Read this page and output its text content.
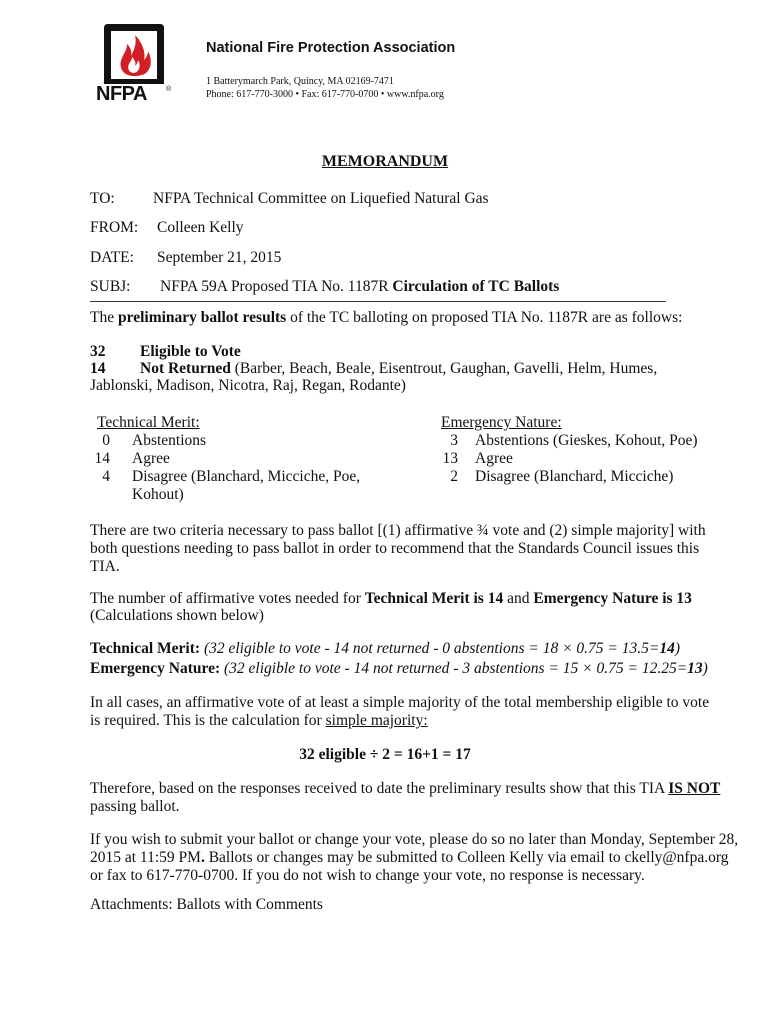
NFPA	®
National Fire Protection Association
1 Batterymarch Park, Quincy, MA 02169-7471
Phone: 617-770-3000 • Fax: 617-770-0700 • www.nfpa.org
MEMORANDUM
TO: NFPA Technical Committee on Liquefied Natural Gas
FROM: Colleen Kelly
DATE: September 21, 2015
SUBJ: NFPA 59A Proposed TIA No. 1187R Circulation of TC Ballots
The preliminary ballot results of the TC balloting on proposed TIA No. 1187R are as follows:
32 Eligible to Vote
14 Not Returned (Barber, Beach, Beale, Eisentrout, Gaughan, Gavelli, Helm, Humes,
Jablonski, Madison, Nicotra, Raj, Regan, Rodante)
Technical Merit:
0 Abstentions
14 Agree
4 Disagree (Blanchard, Micciche, Poe,
Kohout)
Emergency Nature:
3 Abstentions (Gieskes, Kohout, Poe)
13 Agree
2 Disagree (Blanchard, Micciche)
There are two criteria necessary to pass ballot [(1) affirmative ¾ vote and (2) simple majority] with
both questions needing to pass ballot in order to recommend that the Standards Council issues this
TIA.
The number of affirmative votes needed for Technical Merit is 14 and Emergency Nature is 13
(Calculations shown below)
Technical Merit: (32 eligible to vote - 14 not returned - 0 abstentions = 18 × 0.75 = 13.5=14)
Emergency Nature: (32 eligible to vote - 14 not returned - 3 abstentions = 15 × 0.75 = 12.25=13)
In all cases, an affirmative vote of at least a simple majority of the total membership eligible to vote
is required. This is the calculation for simple majority:
32 eligible ÷ 2 = 16+1 = 17
Therefore, based on the responses received to date the preliminary results show that this TIA IS NOT
passing ballot.
If you wish to submit your ballot or change your vote, please do so no later than Monday, September 28,
2015 at 11:59 PM. Ballots or changes may be submitted to Colleen Kelly via email to ckelly@nfpa.org
or fax to 617-770-0700. If you do not wish to change your vote, no response is necessary.
Attachments: Ballots with Comments
